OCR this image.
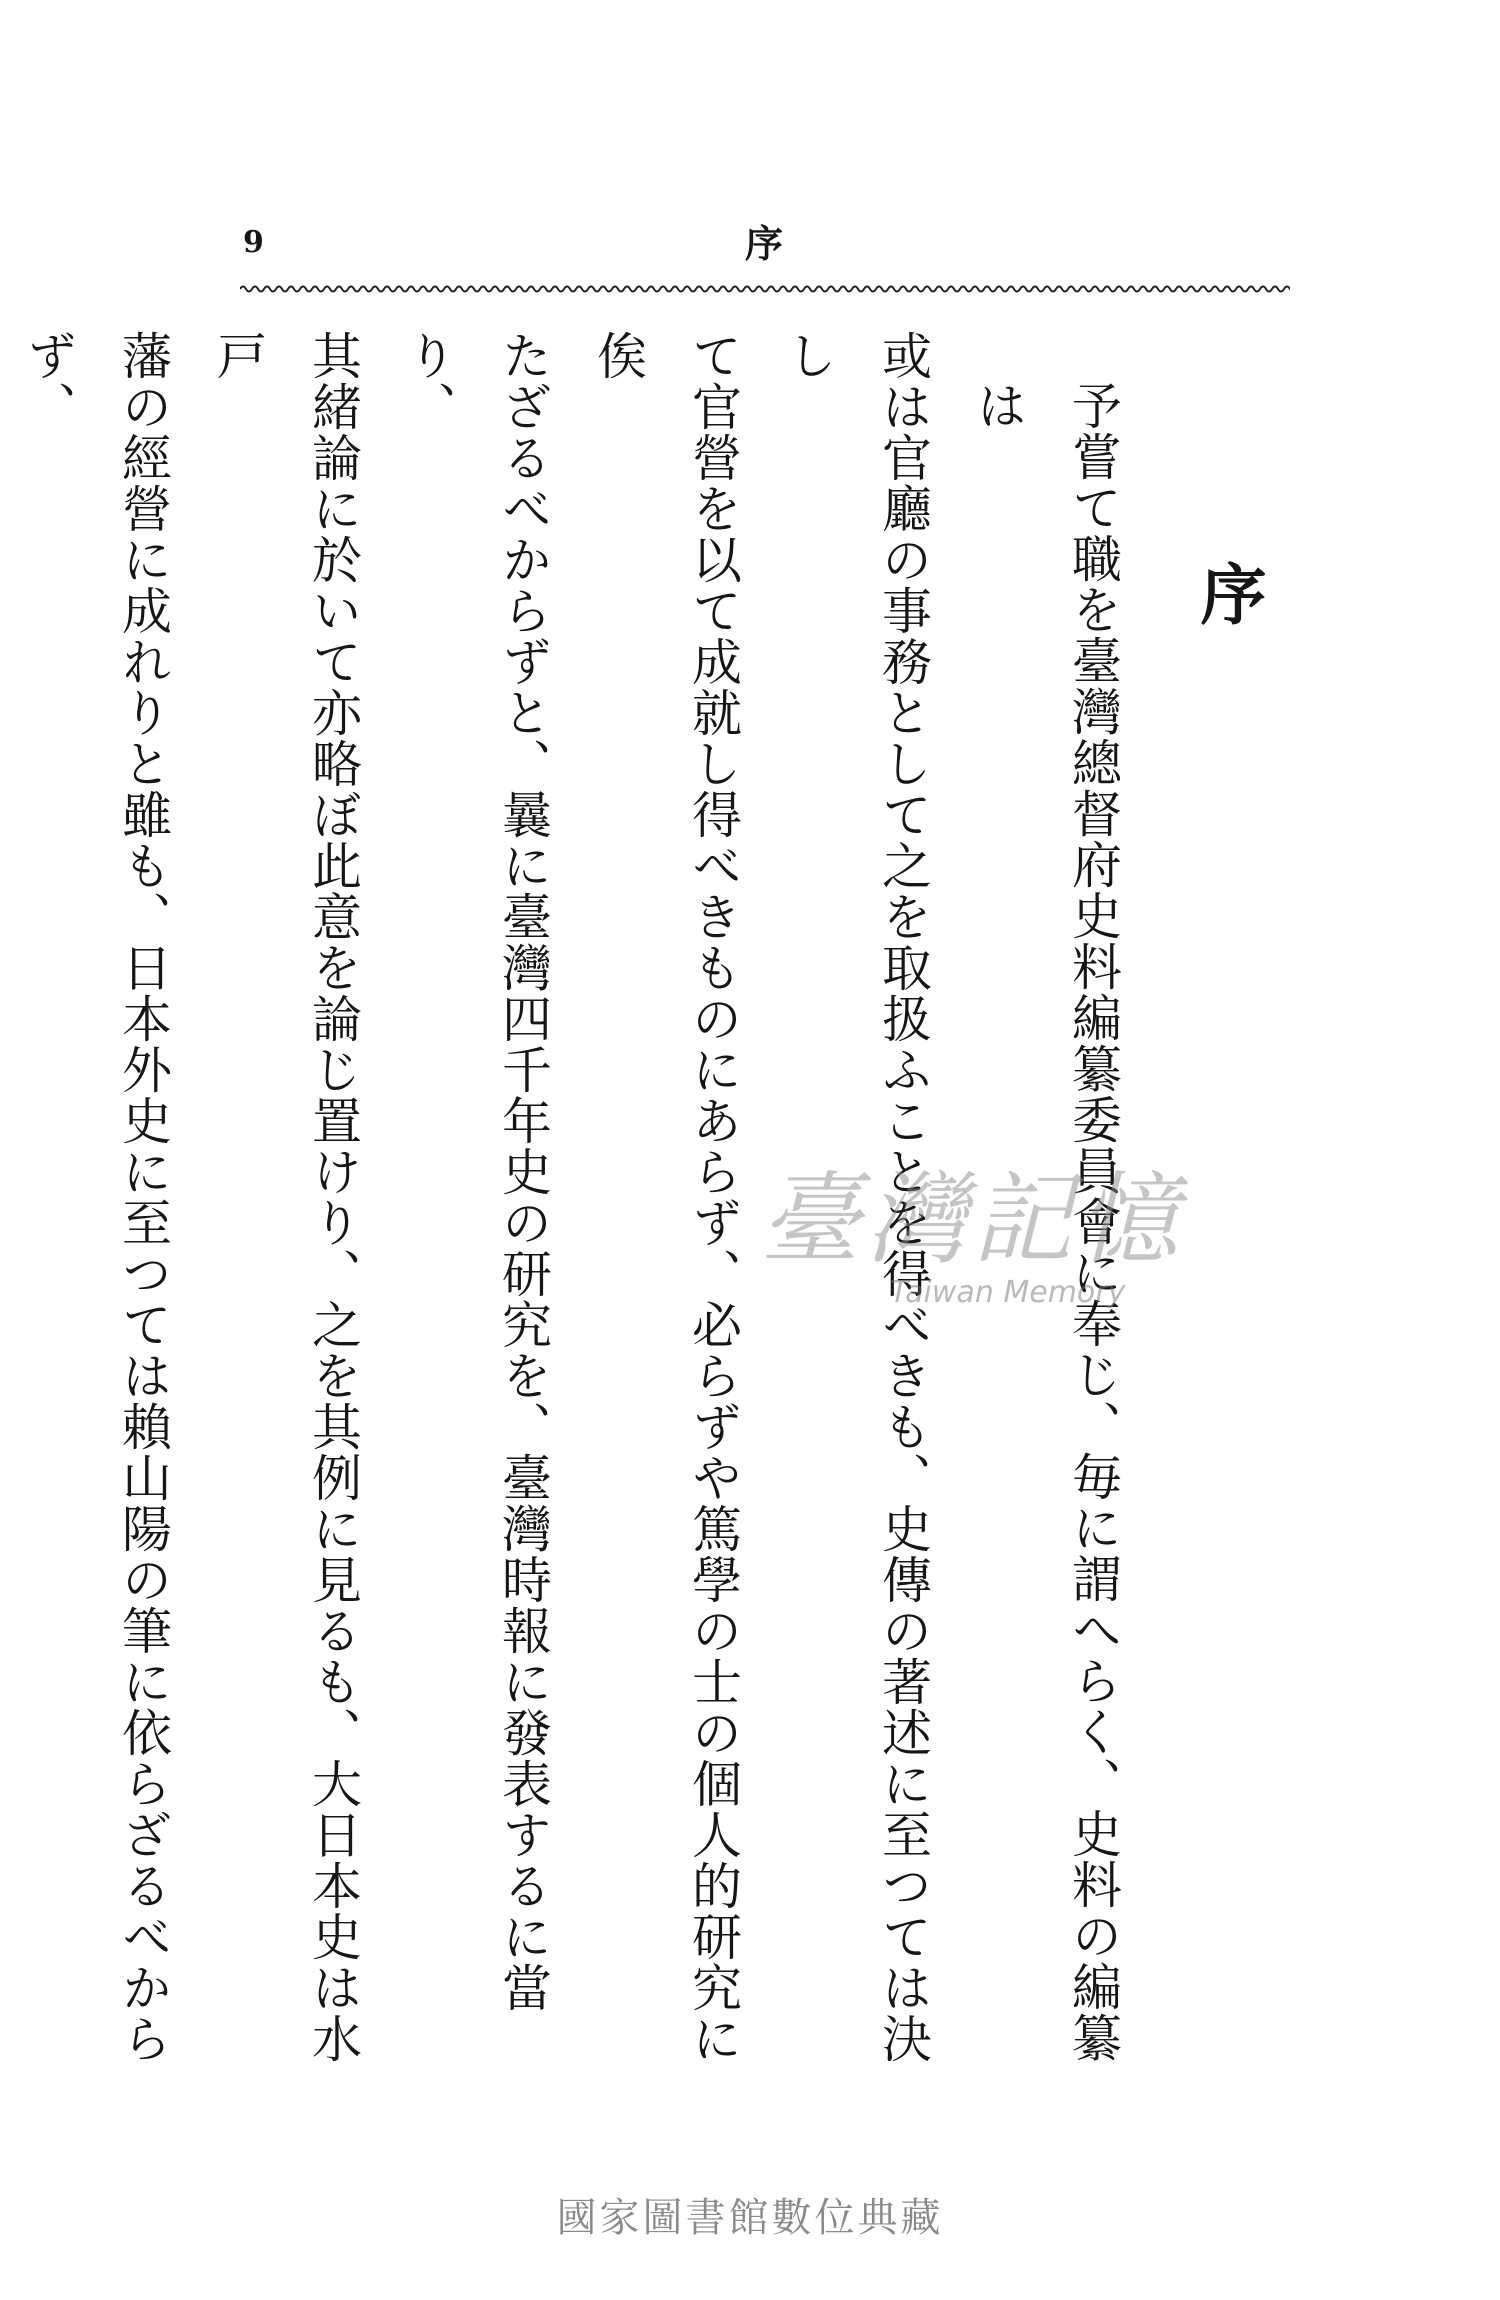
9	序
序
予嘗て職を臺灣總督府史料編纂委員會に奉じ、毎に謂へらく、史料の編纂は
或は官廳の事務として之を取扱ふことを得べきも、史傳の著述に至つては決し
て官營を以て成就し得べきものにあらず、必らずや篤學の士の個人的研究に俟
たざるべからずと、曩に臺灣四千年史の研究を、臺灣時報に發表するに當り、
其緒論に於いて亦略ぼ此意を論じ置けり、之を其例に見るも、大日本史は水戸
藩の經營に成れりと雖も、日本外史に至つては賴山陽の筆に依らざるべからず、
臺灣記憶
Taiwan Memory
國家圖書館數位典藏
